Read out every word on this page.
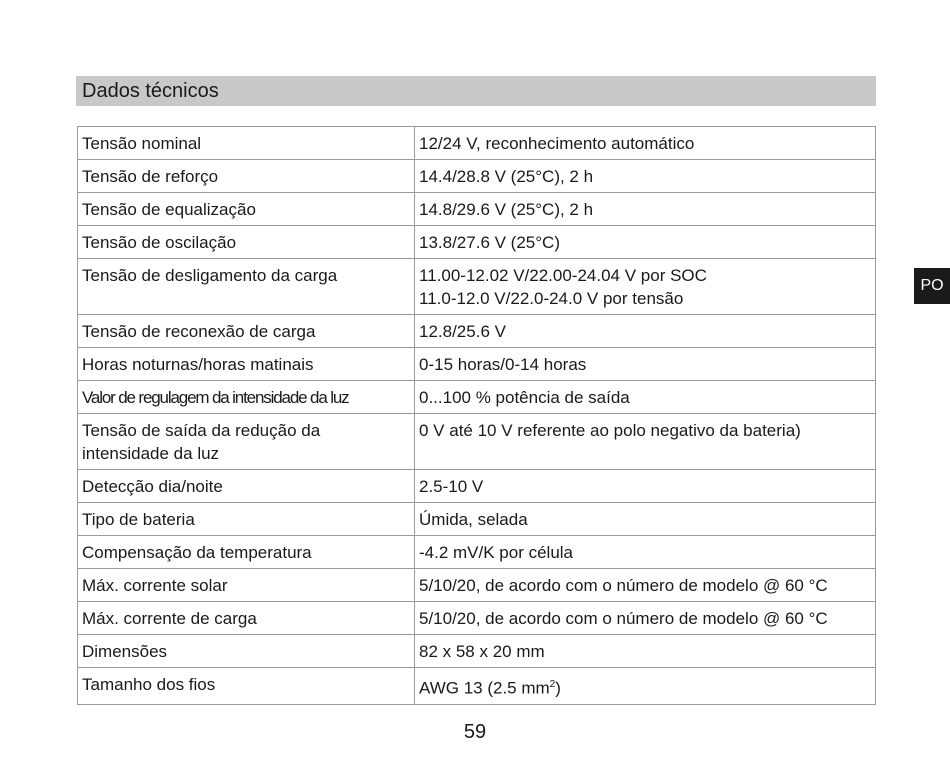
Dados técnicos
PO
Tensão nominal	12/24 V, reconhecimento automático
Tensão de reforço	14.4/28.8 V (25°C), 2 h
Tensão de equalização	14.8/29.6 V (25°C), 2 h
Tensão de oscilação	13.8/27.6 V (25°C)
Tensão de desligamento da carga	11.00-12.02 V/22.00-24.04 V por SOC
11.0-12.0 V/22.0-24.0 V por tensão
Tensão de reconexão de carga	12.8/25.6 V
Horas noturnas/horas matinais	0-15 horas/0-14 horas
Valor de regulagem da intensidade da luz	0...100 % potência de saída
Tensão de saída da redução da intensidade da luz	0 V até 10 V referente ao polo negativo da bateria)
Detecção dia/noite	2.5-10 V
Tipo de bateria	Úmida, selada
Compensação da temperatura	-4.2 mV/K por célula
Máx. corrente solar	5/10/20, de acordo com o número de modelo @ 60 °C
Máx. corrente de carga	5/10/20, de acordo com o número de modelo @ 60 °C
Dimensões	82 x 58 x 20 mm
Tamanho dos fios	AWG 13 (2.5 $mm^2$)
59
